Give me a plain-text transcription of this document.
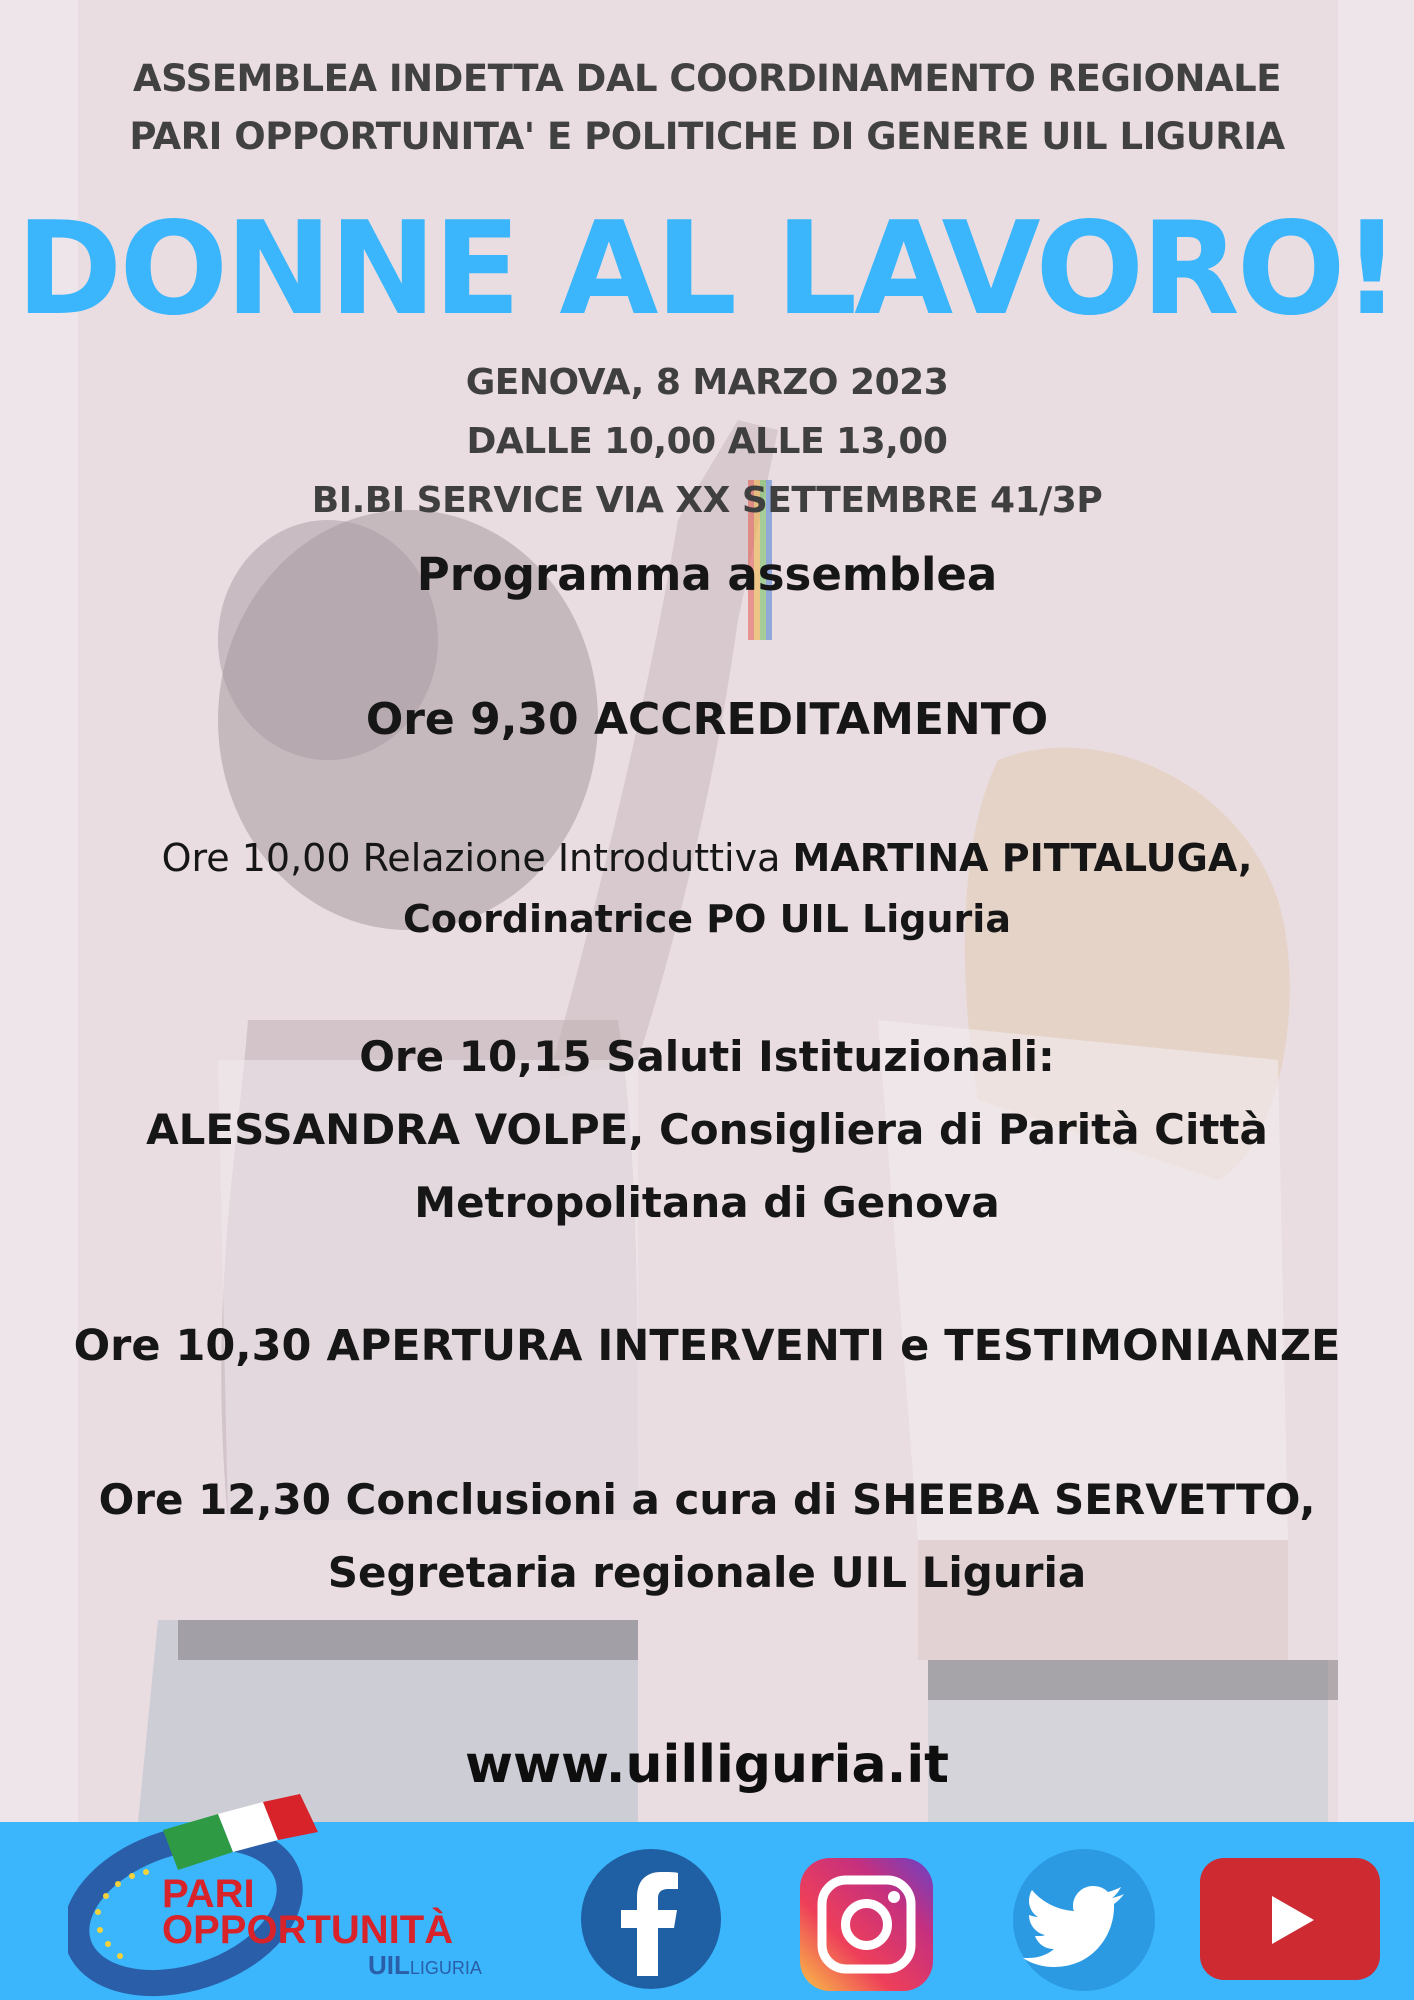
ASSEMBLEA INDETTA DAL COORDINAMENTO REGIONALE
PARI OPPORTUNITA' E POLITICHE DI GENERE UIL LIGURIA
DONNE AL LAVORO!
GENOVA, 8 MARZO 2023
DALLE 10,00 ALLE 13,00
BI.BI SERVICE VIA XX SETTEMBRE 41/3P
Programma assemblea
Ore 9,30 ACCREDITAMENTO
Ore 10,00 Relazione Introduttiva MARTINA PITTALUGA,
Coordinatrice PO UIL Liguria
Ore 10,15 Saluti Istituzionali:
ALESSANDRA VOLPE, Consigliera di Parità Città
Metropolitana di Genova
Ore 10,30 APERTURA INTERVENTI e TESTIMONIANZE
Ore 12,30 Conclusioni a cura di SHEEBA SERVETTO,
Segretaria regionale UIL Liguria
www.uilliguria.it
PARI
OPPORTUNITÀ
UILLIGURIA
